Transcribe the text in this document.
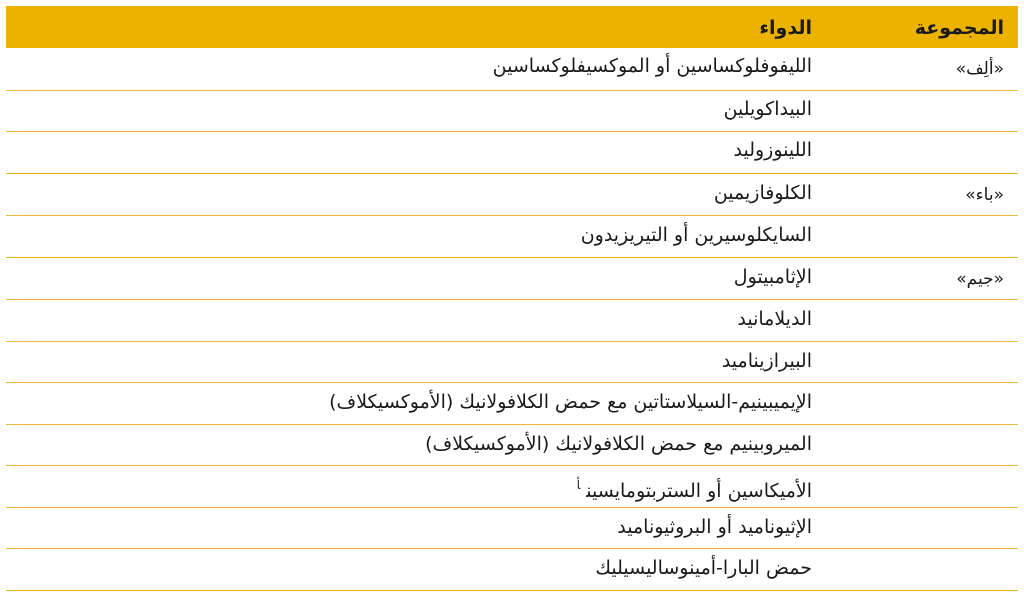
المجموعة
الدواء
«ألِف»
الليفوفلوكساسين أو الموكسيفلوكساسين
البيداكويلين
اللينوزوليد
«باء»
الكلوفازيمين
السايكلوسيرين أو التيريزيدون
«جيم»
الإثامبيتول
الديلامانيد
البيرازيناميد
الإيميبينيم-السيلاستاتين مع حمض الكلافولانيك (الأموكسيكلاف)
الميروبينيم مع حمض الكلافولانيك (الأموكسيكلاف)
الأميكاسين أو الستربتومايسين$^أ$
الإثيوناميد أو البروثيوناميد
حمض البارا-أمينوساليسيليك
